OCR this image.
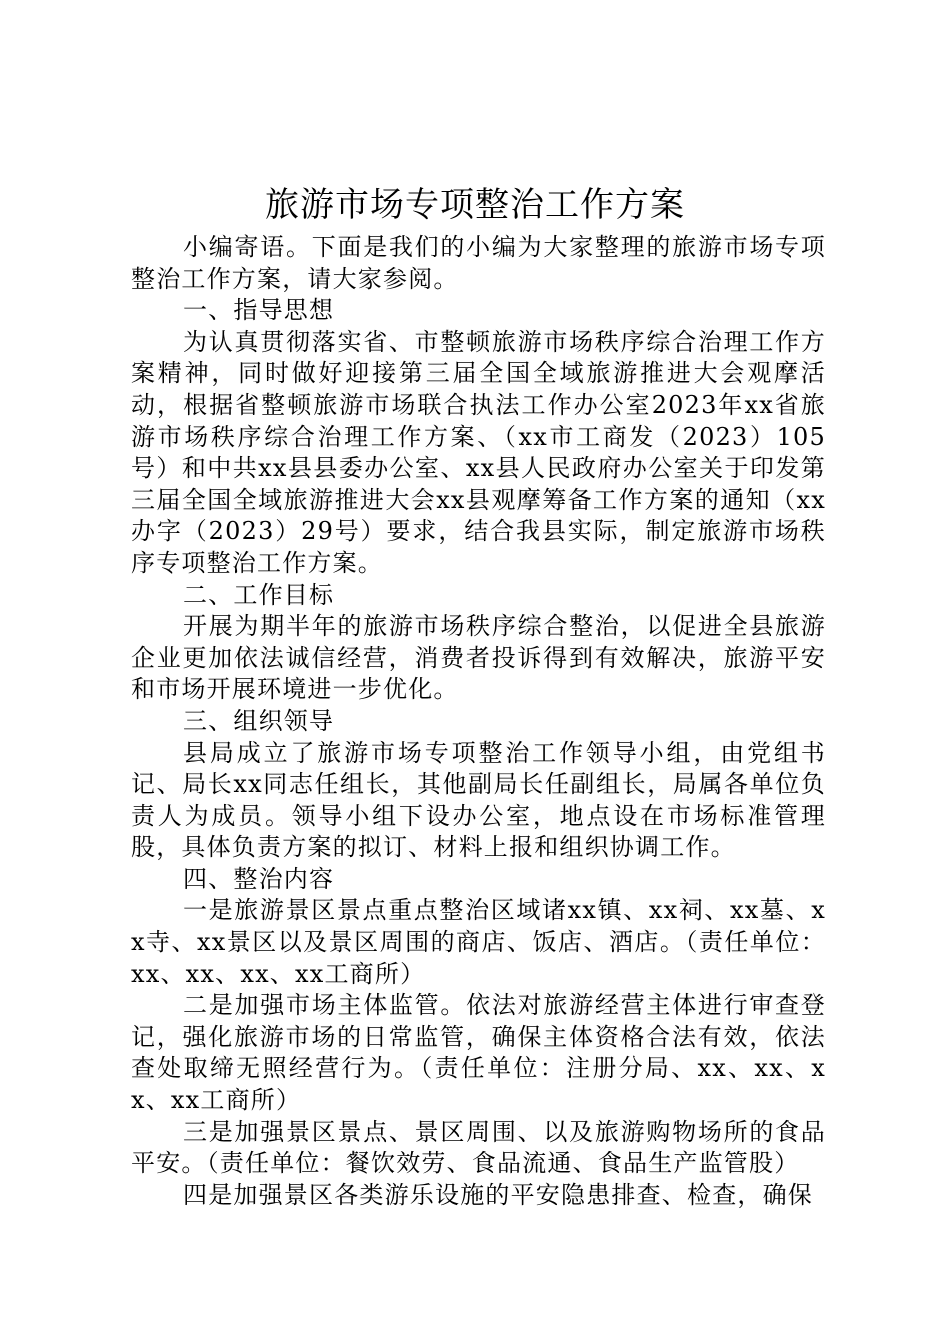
旅游市场专项整治工作方案

小编寄语。下面是我们的小编为大家整理的旅游市场专项整治工作方案，请大家参阅。

一、指导思想

为认真贯彻落实省、市整顿旅游市场秩序综合治理工作方案精神，同时做好迎接第三届全国全域旅游推进大会观摩活动，根据省整顿旅游市场联合执法工作办公室2023年xx省旅游市场秩序综合治理工作方案、（xx市工商发（2023）105号）和中共xx县县委办公室、xx县人民政府办公室关于印发第三届全国全域旅游推进大会xx县观摩筹备工作方案的通知（xx办字（2023）29号）要求，结合我县实际，制定旅游市场秩序专项整治工作方案。

二、工作目标

开展为期半年的旅游市场秩序综合整治，以促进全县旅游企业更加依法诚信经营，消费者投诉得到有效解决，旅游平安和市场开展环境进一步优化。

三、组织领导

县局成立了旅游市场专项整治工作领导小组，由党组书记、局长xx同志任组长，其他副局长任副组长，局属各单位负责人为成员。领导小组下设办公室，地点设在市场标准管理股，具体负责方案的拟订、材料上报和组织协调工作。

四、整治内容

一是旅游景区景点重点整治区域诸xx镇、xx祠、xx墓、xx寺、xx景区以及景区周围的商店、饭店、酒店。（责任单位：xx、xx、xx、xx工商所）

二是加强市场主体监管。依法对旅游经营主体进行审查登记，强化旅游市场的日常监管，确保主体资格合法有效，依法查处取缔无照经营行为。（责任单位：注册分局、xx、xx、xx、xx工商所）

三是加强景区景点、景区周围、以及旅游购物场所的食品平安。（责任单位：餐饮效劳、食品流通、食品生产监管股）

四是加强景区各类游乐设施的平安隐患排查、检查，确保
